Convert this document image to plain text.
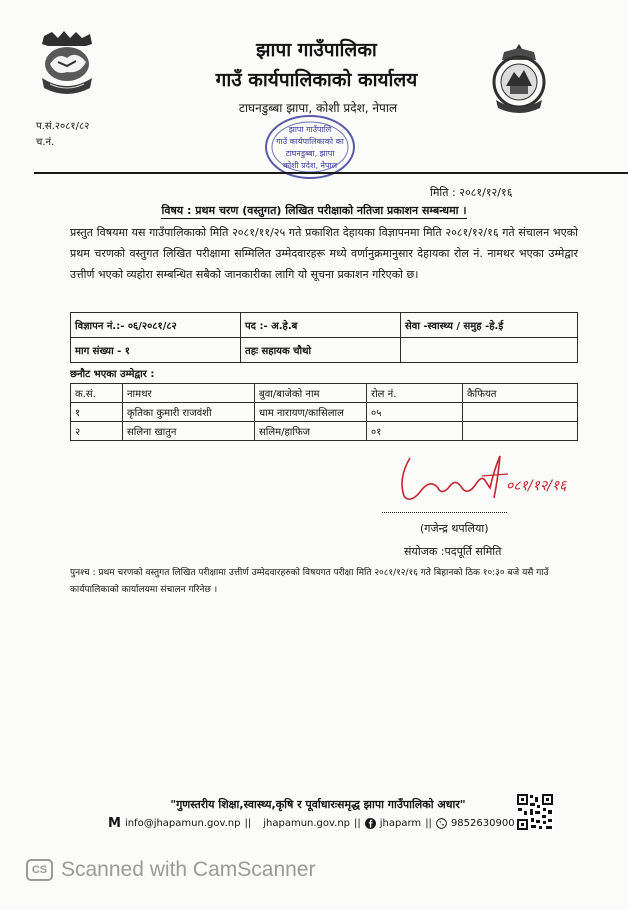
झापा गाउँपालिका
गाउँ कार्यपालिकाको कार्यालय
टाघनडुब्बा झापा, कोशी प्रदेश, नेपाल
प.सं.२०८१/८२
च.नं.
झापा गाउँपालि
गाउँ कार्यपालिकाको का
टाघनडुब्बा, झापा
कोशी प्रदेश, नेपाल
मिति : २०८१/१२/१६
विषय : प्रथम चरण (वस्तुगत) लिखित परीक्षाको नतिजा प्रकाशन सम्बन्धमा ।

प्रस्तुत विषयमा यस गाउँपालिकाको मिति २०८१/११/२५ गते प्रकाशित देहायका विज्ञापनमा मिति २०८१/१२/१६ गते संचालन भएको प्रथम चरणको वस्तुगत लिखित परीक्षामा सम्मिलित उम्मेदवारहरू मध्ये वर्णानुक्रमानुसार देहायका रोल नं. नामथर भएका उम्मेद्वार उत्तीर्ण भएको व्यहोरा सम्बन्धित सबैको जानकारीका लागि यो सूचना प्रकाशन गरिएको छ।

विज्ञापन नं.:- ०६/२०८१/८२	पद :- अ.हे.ब	सेवा -स्वास्थ्य / समुह -हे.ई
माग संख्या - १	तहः सहायक चौथो	
छनौट भएका उम्मेद्वार :
क.सं.	नामथर	बुवा/बाजेको नाम	रोल नं.	कैफियत
१	कृतिका कुमारी राजवंशी	धाम नारायण/कासिलाल	०५	
२	सलिना खातुन	सलिम/हाफिज	०१	
०८१/१२/१६
(गजेन्द्र थपलिया)
संयोजक :पदपूर्ति समिति

पुनश्च : प्रथम चरणको वस्तुगत लिखित परीक्षामा उत्तीर्ण उम्मेदवारहरुको विषयगत परीक्षा मिति २०८१/१२/१६ गते बिहानको ठिक १०:३० बजे यसै गाउँ कार्यपालिकाको कार्यालयमा संचालन गरिनेछ ।

"गुणस्तरीय शिक्षा,स्वास्थ्य,कृषि र पूर्वाधारःसमृद्ध झापा गाउँपालिको अधार"
M info@jhapamun.gov.np || jhapamun.gov.np || jhaparm || 9852630900
CS Scanned with CamScanner
